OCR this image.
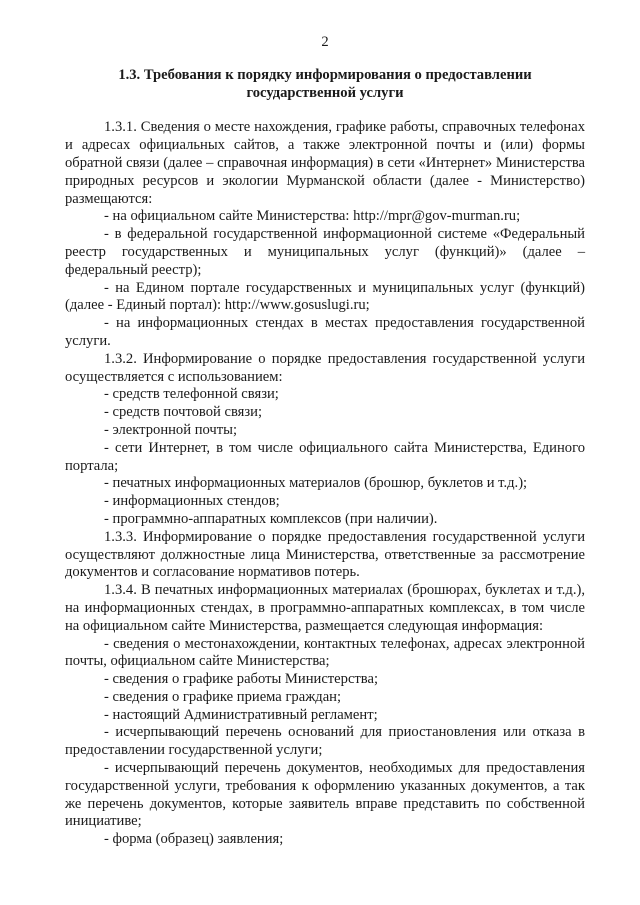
2
1.3. Требования к порядку информирования о предоставлении государственной услуги

1.3.1. Сведения о месте нахождения, графике работы, справочных телефонах и адресах официальных сайтов, а также электронной почты и (или) формы обратной связи (далее – справочная информация) в сети «Интернет» Министерства природных ресурсов и экологии Мурманской области (далее - Министерство) размещаются:

- на официальном сайте Министерства: http://mpr@gov-murman.ru;

- в федеральной государственной информационной системе «Федеральный реестр государственных и муниципальных услуг (функций)» (далее – федеральный реестр);

- на Едином портале государственных и муниципальных услуг (функций) (далее - Единый портал): http://www.gosuslugi.ru;

- на информационных стендах в местах предоставления государственной услуги.

1.3.2. Информирование о порядке предоставления государственной услуги осуществляется с использованием:

- средств телефонной связи;

- средств почтовой связи;

- электронной почты;

- сети Интернет, в том числе официального сайта Министерства, Единого портала;

- печатных информационных материалов (брошюр, буклетов и т.д.);

- информационных стендов;

- программно-аппаратных комплексов (при наличии).

1.3.3. Информирование о порядке предоставления государственной услуги осуществляют должностные лица Министерства, ответственные за рассмотрение документов и согласование нормативов потерь.

1.3.4. В печатных информационных материалах (брошюрах, буклетах и т.д.), на информационных стендах, в программно-аппаратных комплексах, в том числе на официальном сайте Министерства, размещается следующая информация:

- сведения о местонахождении, контактных телефонах, адресах электронной почты, официальном сайте Министерства;

- сведения о графике работы Министерства;

- сведения о графике приема граждан;

- настоящий Административный регламент;

- исчерпывающий перечень оснований для приостановления или отказа в предоставлении государственной услуги;

- исчерпывающий перечень документов, необходимых для предоставления государственной услуги, требования к оформлению указанных документов, а так же перечень документов, которые заявитель вправе представить по собственной инициативе;

- форма (образец) заявления;
